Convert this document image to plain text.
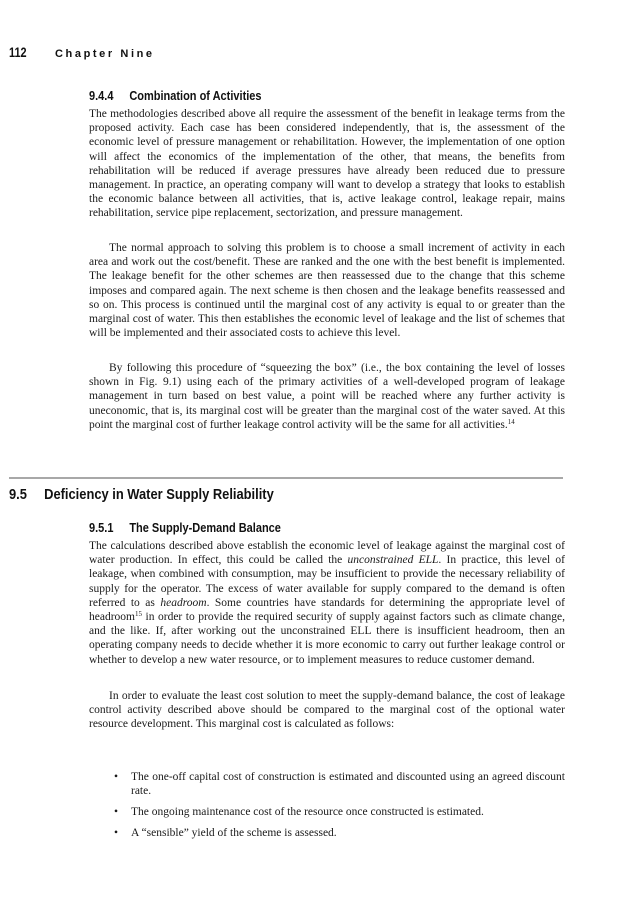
112	Chapter Nine
9.4.4 Combination of Activities

The methodologies described above all require the assessment of the benefit in leakage terms from the proposed activity. Each case has been considered independently, that is, the assessment of the economic level of pressure management or rehabilitation. However, the implementation of one option will affect the economics of the implementation of the other, that means, the benefits from rehabilitation will be reduced if average pressures have already been reduced due to pressure management. In practice, an operating company will want to develop a strategy that looks to establish the economic balance between all activities, that is, active leakage control, leakage repair, mains rehabilitation, service pipe replacement, sectorization, and pressure management.

The normal approach to solving this problem is to choose a small increment of activity in each area and work out the cost/benefit. These are ranked and the one with the best benefit is implemented. The leakage benefit for the other schemes are then reassessed due to the change that this scheme imposes and compared again. The next scheme is then chosen and the leakage benefits reassessed and so on. This process is continued until the marginal cost of any activity is equal to or greater than the marginal cost of water. This then establishes the economic level of leakage and the list of schemes that will be implemented and their associated costs to achieve this level.

By following this procedure of “squeezing the box” (i.e., the box containing the level of losses shown in Fig. 9.1) using each of the primary activities of a well-developed program of leakage management in turn based on best value, a point will be reached where any further activity is uneconomic, that is, its marginal cost will be greater than the marginal cost of the water saved. At this point the marginal cost of further leakage control activity will be the same for all activities.$^{14}$

9.5 Deficiency in Water Supply Reliability
9.5.1 The Supply-Demand Balance

The calculations described above establish the economic level of leakage against the marginal cost of water production. In effect, this could be called the unconstrained ELL. In practice, this level of leakage, when combined with consumption, may be insufficient to provide the necessary reliability of supply for the operator. The excess of water available for supply compared to the demand is often referred to as headroom. Some countries have standards for determining the appropriate level of headroom$^{15}$ in order to provide the required security of supply against factors such as climate change, and the like. If, after working out the unconstrained ELL there is insufficient headroom, then an operating company needs to decide whether it is more economic to carry out further leakage control or whether to develop a new water resource, or to implement measures to reduce customer demand.

In order to evaluate the least cost solution to meet the supply-demand balance, the cost of leakage control activity described above should be compared to the marginal cost of the optional water resource development. This marginal cost is calculated as follows:

• The one-off capital cost of construction is estimated and discounted using an agreed discount rate.
• The ongoing maintenance cost of the resource once constructed is estimated.
• A “sensible” yield of the scheme is assessed.
